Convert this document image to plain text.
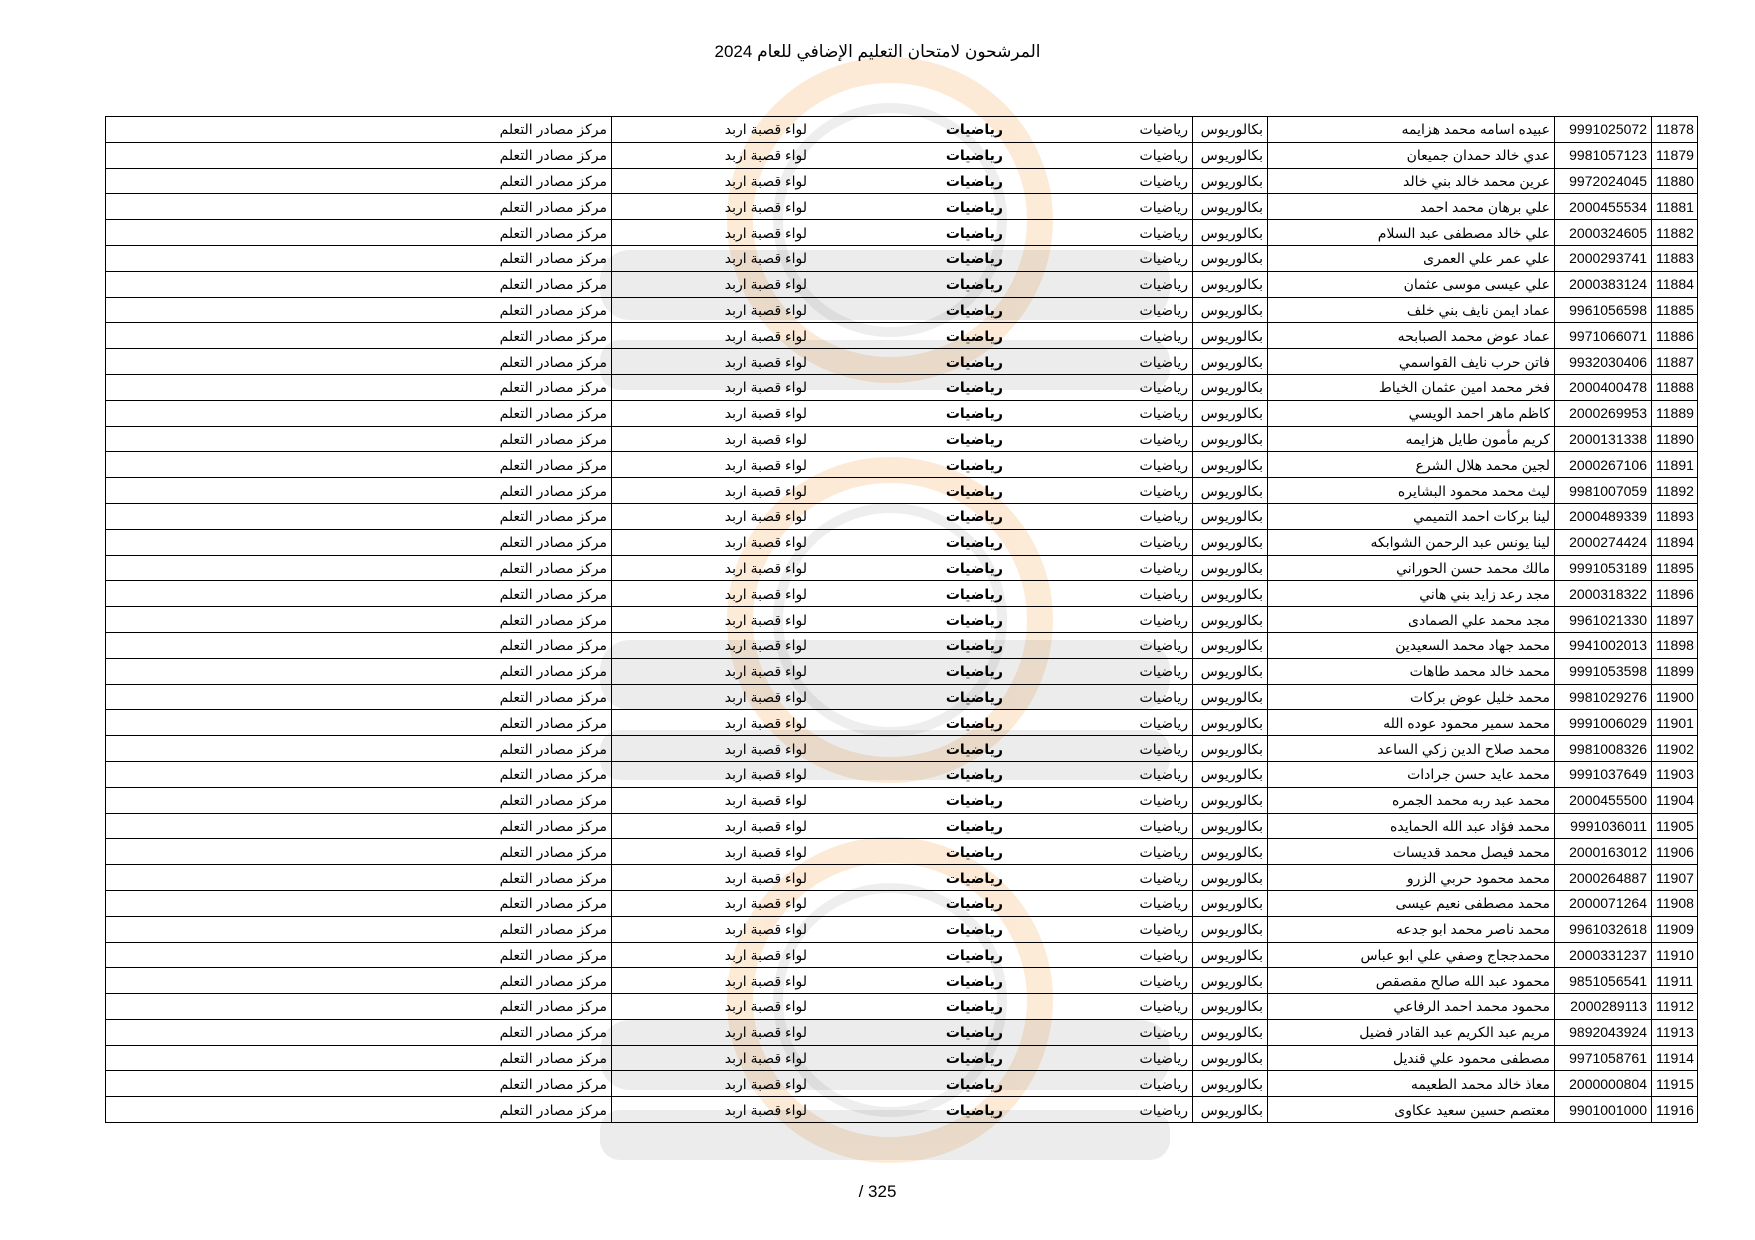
المرشحون لامتحان التعليم الإضافي للعام 2024
11878	9991025072	عبيده اسامه محمد هزايمه	بكالوريوس	رياضيات	رياضيات	لواء قصبة اربد	مركز مصادر التعلم
11879	9981057123	عدي خالد حمدان جميعان	بكالوريوس	رياضيات	رياضيات	لواء قصبة اربد	مركز مصادر التعلم
11880	9972024045	عرين محمد خالد بني خالد	بكالوريوس	رياضيات	رياضيات	لواء قصبة اربد	مركز مصادر التعلم
11881	2000455534	علي برهان محمد احمد	بكالوريوس	رياضيات	رياضيات	لواء قصبة اربد	مركز مصادر التعلم
11882	2000324605	علي خالد مصطفى عبد السلام	بكالوريوس	رياضيات	رياضيات	لواء قصبة اربد	مركز مصادر التعلم
11883	2000293741	علي عمر علي العمرى	بكالوريوس	رياضيات	رياضيات	لواء قصبة اربد	مركز مصادر التعلم
11884	2000383124	علي عيسى موسى عثمان	بكالوريوس	رياضيات	رياضيات	لواء قصبة اربد	مركز مصادر التعلم
11885	9961056598	عماد ايمن نايف بني خلف	بكالوريوس	رياضيات	رياضيات	لواء قصبة اربد	مركز مصادر التعلم
11886	9971066071	عماد عوض محمد الصبابحه	بكالوريوس	رياضيات	رياضيات	لواء قصبة اربد	مركز مصادر التعلم
11887	9932030406	فاتن حرب نايف القواسمي	بكالوريوس	رياضيات	رياضيات	لواء قصبة اربد	مركز مصادر التعلم
11888	2000400478	فخر محمد امين عثمان الخياط	بكالوريوس	رياضيات	رياضيات	لواء قصبة اربد	مركز مصادر التعلم
11889	2000269953	كاظم ماهر احمد الويسي	بكالوريوس	رياضيات	رياضيات	لواء قصبة اربد	مركز مصادر التعلم
11890	2000131338	كريم مأمون طايل هزايمه	بكالوريوس	رياضيات	رياضيات	لواء قصبة اربد	مركز مصادر التعلم
11891	2000267106	لجين محمد هلال الشرع	بكالوريوس	رياضيات	رياضيات	لواء قصبة اربد	مركز مصادر التعلم
11892	9981007059	ليث محمد محمود البشايره	بكالوريوس	رياضيات	رياضيات	لواء قصبة اربد	مركز مصادر التعلم
11893	2000489339	لينا بركات احمد التميمي	بكالوريوس	رياضيات	رياضيات	لواء قصبة اربد	مركز مصادر التعلم
11894	2000274424	لينا يونس عبد الرحمن الشوابكه	بكالوريوس	رياضيات	رياضيات	لواء قصبة اربد	مركز مصادر التعلم
11895	9991053189	مالك محمد حسن الحوراني	بكالوريوس	رياضيات	رياضيات	لواء قصبة اربد	مركز مصادر التعلم
11896	2000318322	مجد رعد زايد بني هاني	بكالوريوس	رياضيات	رياضيات	لواء قصبة اربد	مركز مصادر التعلم
11897	9961021330	مجد محمد علي الصمادى	بكالوريوس	رياضيات	رياضيات	لواء قصبة اربد	مركز مصادر التعلم
11898	9941002013	محمد جهاد محمد السعيدين	بكالوريوس	رياضيات	رياضيات	لواء قصبة اربد	مركز مصادر التعلم
11899	9991053598	محمد خالد محمد طاهات	بكالوريوس	رياضيات	رياضيات	لواء قصبة اربد	مركز مصادر التعلم
11900	9981029276	محمد خليل عوض بركات	بكالوريوس	رياضيات	رياضيات	لواء قصبة اربد	مركز مصادر التعلم
11901	9991006029	محمد سمير محمود عوده الله	بكالوريوس	رياضيات	رياضيات	لواء قصبة اربد	مركز مصادر التعلم
11902	9981008326	محمد صلاح الدين زكي الساعد	بكالوريوس	رياضيات	رياضيات	لواء قصبة اربد	مركز مصادر التعلم
11903	9991037649	محمد عايد حسن جرادات	بكالوريوس	رياضيات	رياضيات	لواء قصبة اربد	مركز مصادر التعلم
11904	2000455500	محمد عبد ربه محمد الجمره	بكالوريوس	رياضيات	رياضيات	لواء قصبة اربد	مركز مصادر التعلم
11905	9991036011	محمد فؤاد عبد الله الحمايده	بكالوريوس	رياضيات	رياضيات	لواء قصبة اربد	مركز مصادر التعلم
11906	2000163012	محمد فيصل محمد قديسات	بكالوريوس	رياضيات	رياضيات	لواء قصبة اربد	مركز مصادر التعلم
11907	2000264887	محمد محمود حربي الزرو	بكالوريوس	رياضيات	رياضيات	لواء قصبة اربد	مركز مصادر التعلم
11908	2000071264	محمد مصطفى نعيم عيسى	بكالوريوس	رياضيات	رياضيات	لواء قصبة اربد	مركز مصادر التعلم
11909	9961032618	محمد ناصر محمد ابو جدعه	بكالوريوس	رياضيات	رياضيات	لواء قصبة اربد	مركز مصادر التعلم
11910	2000331237	محمدججاج وصفي علي ابو عباس	بكالوريوس	رياضيات	رياضيات	لواء قصبة اربد	مركز مصادر التعلم
11911	9851056541	محمود عبد الله صالح مقصقص	بكالوريوس	رياضيات	رياضيات	لواء قصبة اربد	مركز مصادر التعلم
11912	2000289113	محمود محمد احمد الرفاعي	بكالوريوس	رياضيات	رياضيات	لواء قصبة اربد	مركز مصادر التعلم
11913	9892043924	مريم عبد الكريم عبد القادر فضيل	بكالوريوس	رياضيات	رياضيات	لواء قصبة اربد	مركز مصادر التعلم
11914	9971058761	مصطفى محمود علي قنديل	بكالوريوس	رياضيات	رياضيات	لواء قصبة اربد	مركز مصادر التعلم
11915	2000000804	معاذ خالد محمد الطعيمه	بكالوريوس	رياضيات	رياضيات	لواء قصبة اربد	مركز مصادر التعلم
11916	9901001000	معتصم حسين سعيد عكاوى	بكالوريوس	رياضيات	رياضيات	لواء قصبة اربد	مركز مصادر التعلم
325 /
